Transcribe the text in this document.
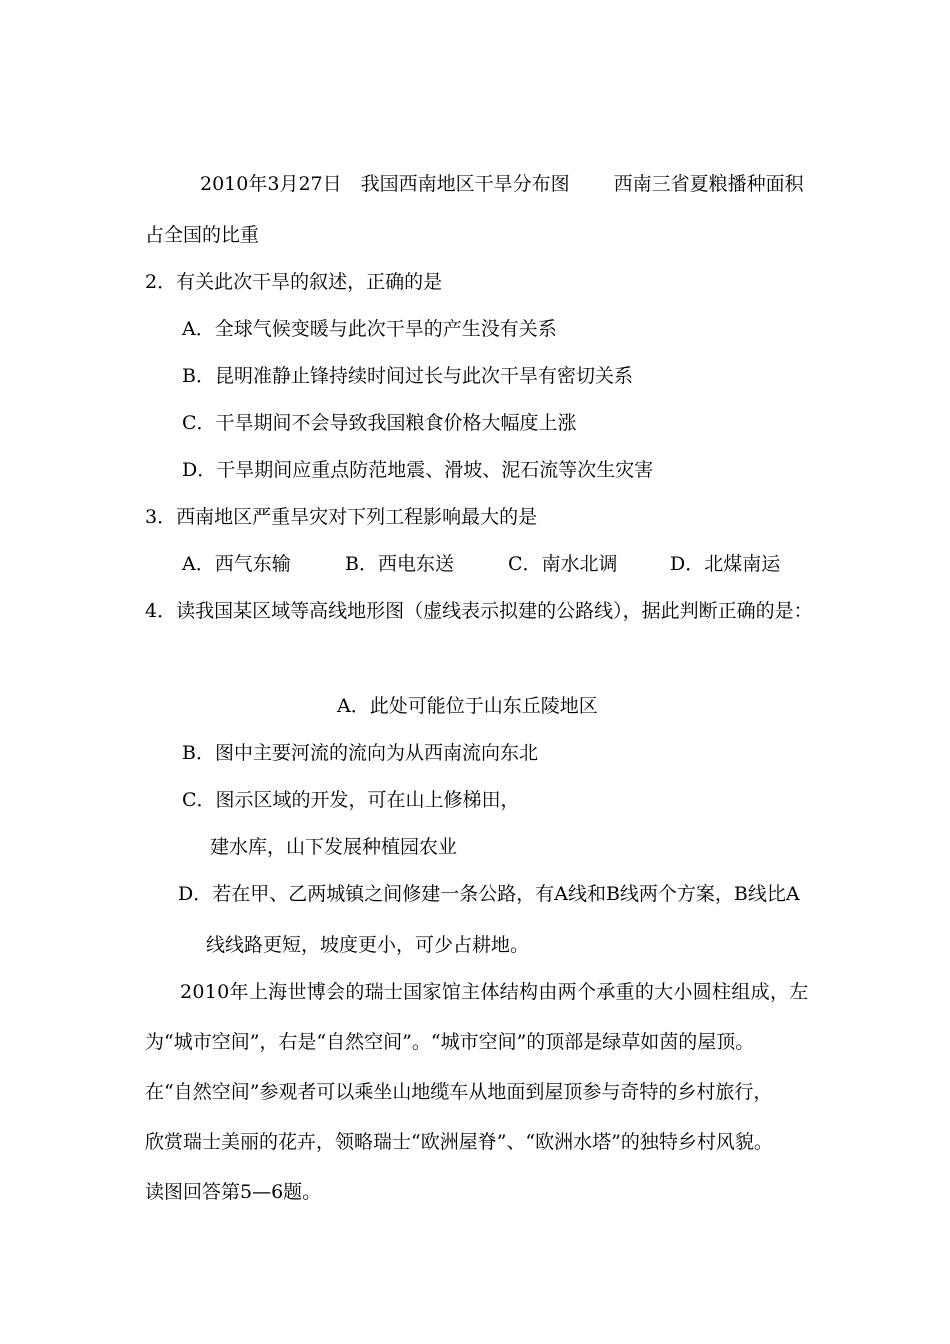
2010年3月27日　我国西南地区干旱分布图　　 西南三省夏粮播种面积
占全国的比重
2．有关此次干旱的叙述，正确的是
A．全球气候变暖与此次干旱的产生没有关系
B．昆明准静止锋持续时间过长与此次干旱有密切关系
C．干旱期间不会导致我国粮食价格大幅度上涨
D．干旱期间应重点防范地震、滑坡、泥石流等次生灾害
3．西南地区严重旱灾对下列工程影响最大的是
A．西气东输	B．西电东送	C．南水北调	D．北煤南运
4．读我国某区域等高线地形图（虚线表示拟建的公路线），据此判断正确的是：
A．此处可能位于山东丘陵地区
B．图中主要河流的流向为从西南流向东北
C．图示区域的开发，可在山上修梯田，
建水库，山下发展种植园农业
D．若在甲、乙两城镇之间修建一条公路，有A线和B线两个方案，B线比A
线线路更短，坡度更小，可少占耕地。
2010年上海世博会的瑞士国家馆主体结构由两个承重的大小圆柱组成，左
为“城市空间”，右是“自然空间”。“城市空间”的顶部是绿草如茵的屋顶。
在“自然空间”参观者可以乘坐山地缆车从地面到屋顶参与奇特的乡村旅行，
欣赏瑞士美丽的花卉，领略瑞士“欧洲屋脊”、“欧洲水塔”的独特乡村风貌。
读图回答第5—6题。
